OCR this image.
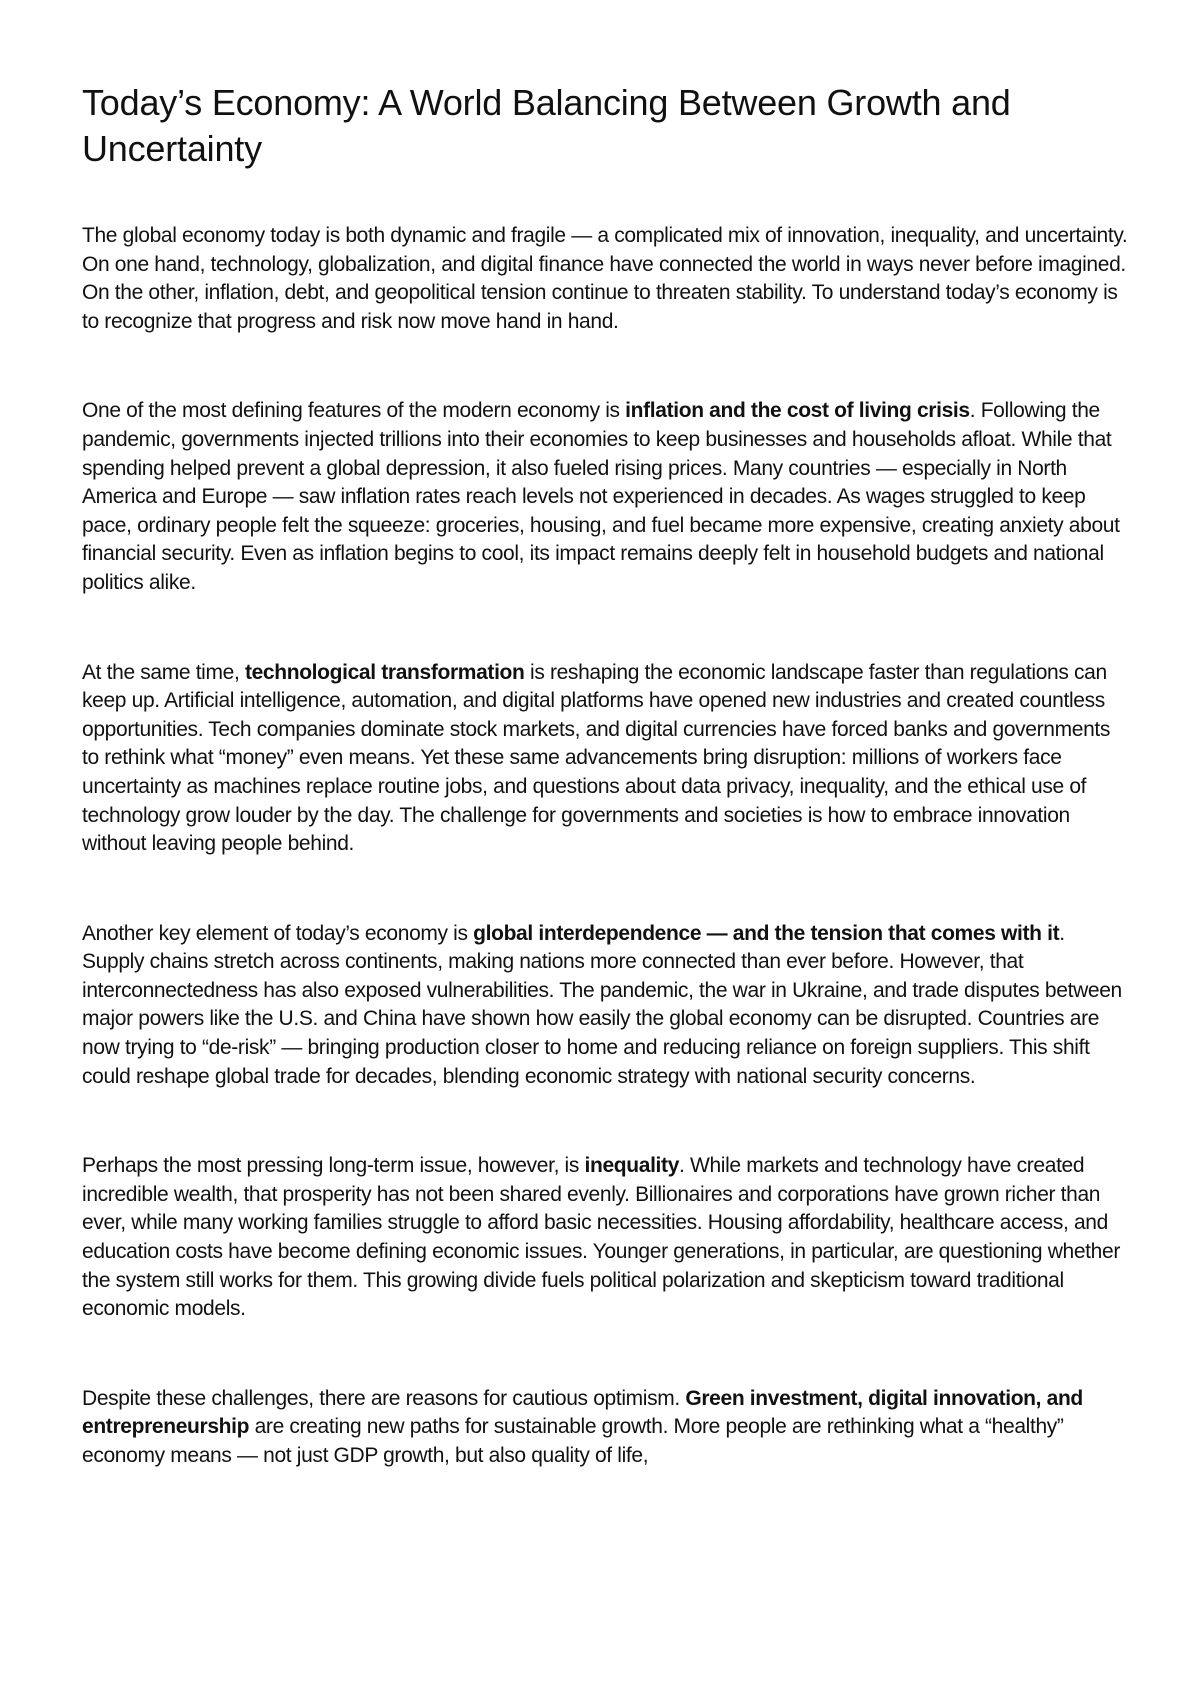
Today’s Economy: A World Balancing Between Growth and Uncertainty

The global economy today is both dynamic and fragile — a complicated mix of innovation, inequality, and uncertainty. On one hand, technology, globalization, and digital finance have connected the world in ways never before imagined. On the other, inflation, debt, and geopolitical tension continue to threaten stability. To understand today’s economy is to recognize that progress and risk now move hand in hand.

One of the most defining features of the modern economy is inflation and the cost of living crisis. Following the pandemic, governments injected trillions into their economies to keep businesses and households afloat. While that spending helped prevent a global depression, it also fueled rising prices. Many countries — especially in North America and Europe — saw inflation rates reach levels not experienced in decades. As wages struggled to keep pace, ordinary people felt the squeeze: groceries, housing, and fuel became more expensive, creating anxiety about financial security. Even as inflation begins to cool, its impact remains deeply felt in household budgets and national politics alike.

At the same time, technological transformation is reshaping the economic landscape faster than regulations can keep up. Artificial intelligence, automation, and digital platforms have opened new industries and created countless opportunities. Tech companies dominate stock markets, and digital currencies have forced banks and governments to rethink what “money” even means. Yet these same advancements bring disruption: millions of workers face uncertainty as machines replace routine jobs, and questions about data privacy, inequality, and the ethical use of technology grow louder by the day. The challenge for governments and societies is how to embrace innovation without leaving people behind.

Another key element of today’s economy is global interdependence — and the tension that comes with it. Supply chains stretch across continents, making nations more connected than ever before. However, that interconnectedness has also exposed vulnerabilities. The pandemic, the war in Ukraine, and trade disputes between major powers like the U.S. and China have shown how easily the global economy can be disrupted. Countries are now trying to “de-risk” — bringing production closer to home and reducing reliance on foreign suppliers. This shift could reshape global trade for decades, blending economic strategy with national security concerns.

Perhaps the most pressing long-term issue, however, is inequality. While markets and technology have created incredible wealth, that prosperity has not been shared evenly. Billionaires and corporations have grown richer than ever, while many working families struggle to afford basic necessities. Housing affordability, healthcare access, and education costs have become defining economic issues. Younger generations, in particular, are questioning whether the system still works for them. This growing divide fuels political polarization and skepticism toward traditional economic models.

Despite these challenges, there are reasons for cautious optimism. Green investment, digital innovation, and entrepreneurship are creating new paths for sustainable growth. More people are rethinking what a “healthy” economy means — not just GDP growth, but also quality of life,
